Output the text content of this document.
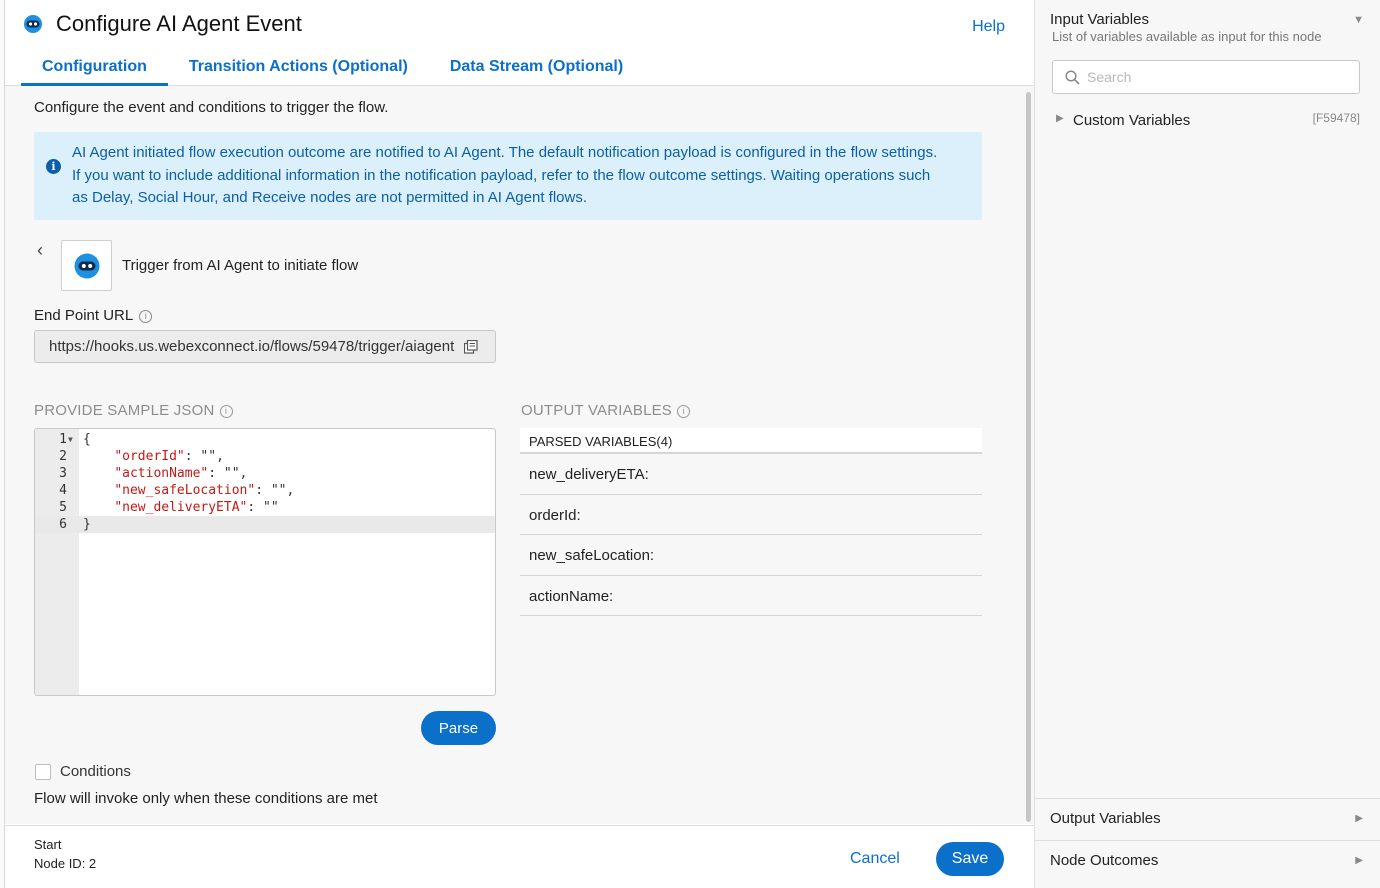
Configure AI Agent Event	Help
Configuration	Transition Actions (Optional)	Data Stream (Optional)
Configure the event and conditions to trigger the flow.
i
AI Agent initiated flow execution outcome are notified to AI Agent. The default notification payload is configured in the flow settings. If you want to include additional information in the notification payload, refer to the flow outcome settings. Waiting operations such as Delay, Social Hour, and Receive nodes are not permitted in AI Agent flows.
‹
Trigger from AI Agent to initiate flow
End Point URL i
https://hooks.us.webexconnect.io/flows/59478/trigger/aiagent
PROVIDE SAMPLE JSON i
1 ▼ {
2	"orderId": "",
3	"actionName": "",
4	"new_safeLocation": "",
5	"new_deliveryETA": ""
6 }
Parse
OUTPUT VARIABLES i
PARSED VARIABLES(4)
new_deliveryETA:
orderId:
new_safeLocation:
actionName:
Conditions
Flow will invoke only when these conditions are met
Start
Node ID: 2	Cancel	Save
Input Variables
List of variables available as input for this node
▼
Search
▶ Custom Variables	[F59478]
Output Variables	▶
Node Outcomes	▶
